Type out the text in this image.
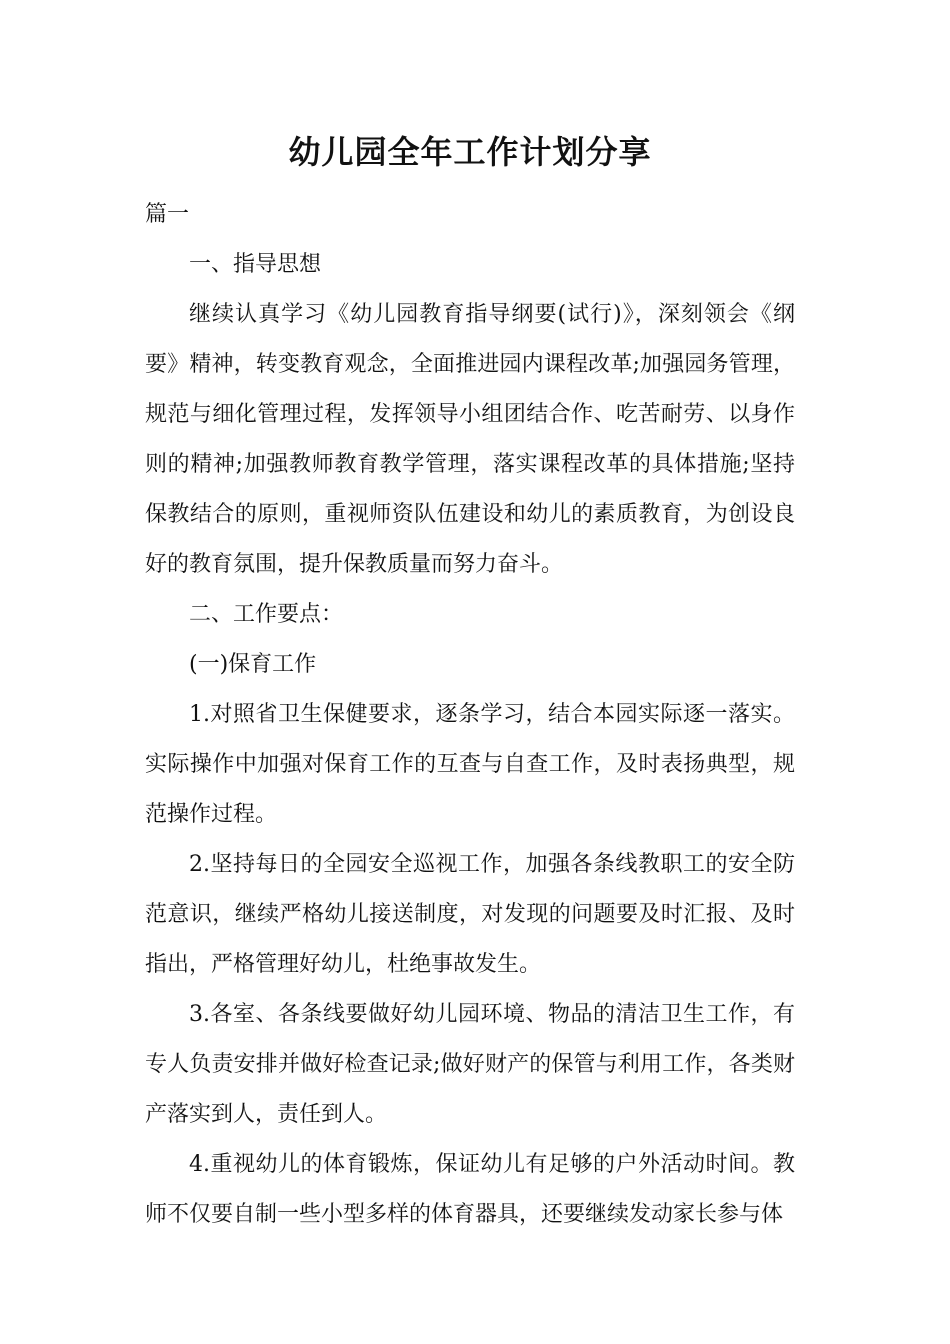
幼儿园全年工作计划分享

篇一

一、指导思想

继续认真学习《幼儿园教育指导纲要(试行)》，深刻领会《纲要》精神，转变教育观念，全面推进园内课程改革;加强园务管理，规范与细化管理过程，发挥领导小组团结合作、吃苦耐劳、以身作则的精神;加强教师教育教学管理，落实课程改革的具体措施;坚持保教结合的原则，重视师资队伍建设和幼儿的素质教育，为创设良好的教育氛围，提升保教质量而努力奋斗。

二、工作要点：

(一)保育工作

1.对照省卫生保健要求，逐条学习，结合本园实际逐一落实。实际操作中加强对保育工作的互查与自查工作，及时表扬典型，规范操作过程。

2.坚持每日的全园安全巡视工作，加强各条线教职工的安全防范意识，继续严格幼儿接送制度，对发现的问题要及时汇报、及时指出，严格管理好幼儿，杜绝事故发生。

3.各室、各条线要做好幼儿园环境、物品的清洁卫生工作，有专人负责安排并做好检查记录;做好财产的保管与利用工作，各类财产落实到人，责任到人。

4.重视幼儿的体育锻炼，保证幼儿有足够的户外活动时间。教师不仅要自制一些小型多样的体育器具，还要继续发动家长参与体
